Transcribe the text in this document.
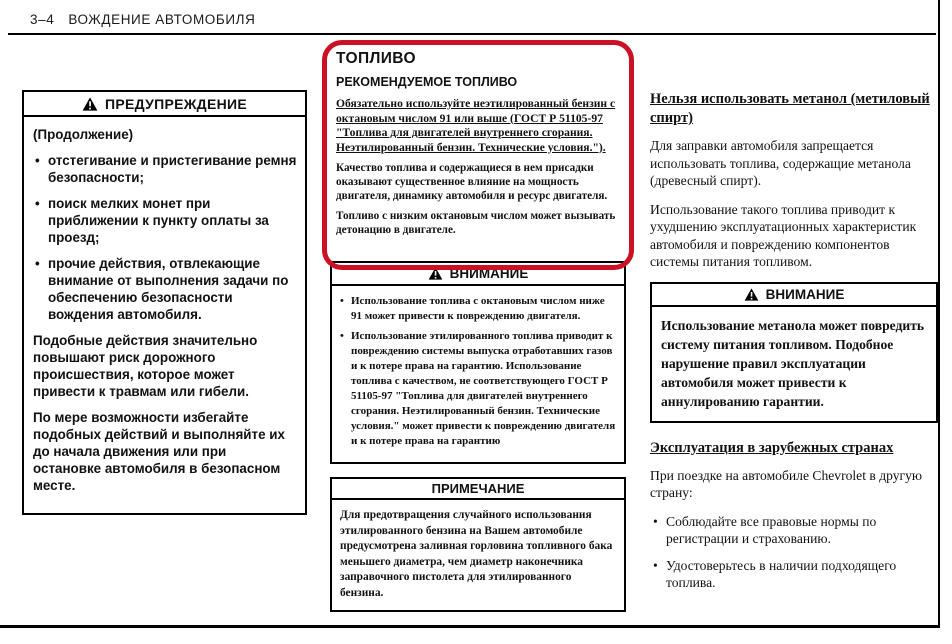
3–4 ВОЖДЕНИЕ АВТОМОБИЛЯ
ПРЕДУПРЕЖДЕНИЕ

(Продолжение)

• отстегивание и пристегивание ремня безопасности;
• поиск мелких монет при приближении к пункту оплаты за проезд;
• прочие действия, отвлекающие внимание от выполнения задачи по обеспечению безопасности вождения автомобиля.

Подобные действия значительно повышают риск дорожного происшествия, которое может привести к травмам или гибели.

По мере возможности избегайте подобных действий и выполняйте их до начала движения или при остановке автомобиля в безопасном месте.

ТОПЛИВО
РЕКОМЕНДУЕМОЕ ТОПЛИВО
Обязательно используйте неэтилированный бензин с октановым числом 91 или выше (ГОСТ Р 51105-97 "Топлива для двигателей внутреннего сгорания. Неэтилированный бензин. Технические условия.").
Качество топлива и содержащиеся в нем присадки оказывают существенное влияние на мощность двигателя, динамику автомобиля и ресурс двигателя.
Топливо с низким октановым числом может вызывать детонацию в двигателе.
ВНИМАНИЕ
• Использование топлива с октановым числом ниже 91 может привести к повреждению двигателя.
• Использование этилированного топлива приводит к повреждению системы выпуска отработавших газов и к потере права на гарантию. Использование топлива с качеством, не соответствующего ГОСТ Р 51105-97 "Топлива для двигателей внутреннего сгорания. Неэтилированный бензин. Технические условия." может привести к повреждению двигателя и к потере права на гарантию
ПРИМЕЧАНИЕ
Для предотвращения случайного использования этилированного бензина на Вашем автомобиле предусмотрена заливная горловина топливного бака меньшего диаметра, чем диаметр наконечника заправочного пистолета для этилированного бензина.
Нельзя использовать метанол (метиловый спирт)
Для заправки автомобиля запрещается использовать топлива, содержащие метанола (древесный спирт).
Использование такого топлива приводит к ухудшению эксплуатационных характеристик автомобиля и повреждению компонентов системы питания топливом.
ВНИМАНИЕ
Использование метанола может повредить систему питания топливом. Подобное нарушение правил эксплуатации автомобиля может привести к аннулированию гарантии.
Эксплуатация в зарубежных странах
При поездке на автомобиле Chevrolet в другую страну:
• Соблюдайте все правовые нормы по регистрации и страхованию.
• Удостоверьтесь в наличии подходящего топлива.
